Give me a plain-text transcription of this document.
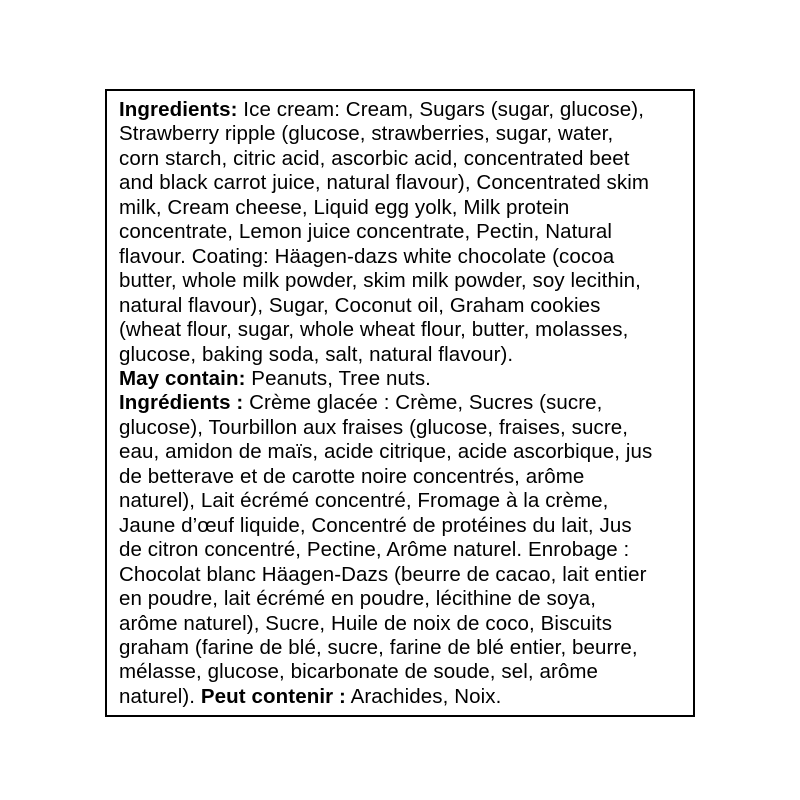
Ingredients: Ice cream: Cream, Sugars (sugar, glucose),
Strawberry ripple (glucose, strawberries, sugar, water,
corn starch, citric acid, ascorbic acid, concentrated beet
and black carrot juice, natural flavour), Concentrated skim
milk, Cream cheese, Liquid egg yolk, Milk protein
concentrate, Lemon juice concentrate, Pectin, Natural
flavour. Coating: Häagen-dazs white chocolate (cocoa
butter, whole milk powder, skim milk powder, soy lecithin,
natural flavour), Sugar, Coconut oil, Graham cookies
(wheat flour, sugar, whole wheat flour, butter, molasses,
glucose, baking soda, salt, natural flavour).
May contain: Peanuts, Tree nuts.
Ingrédients : Crème glacée : Crème, Sucres (sucre,
glucose), Tourbillon aux fraises (glucose, fraises, sucre,
eau, amidon de maïs, acide citrique, acide ascorbique, jus
de betterave et de carotte noire concentrés, arôme
naturel), Lait écrémé concentré, Fromage à la crème,
Jaune d’œuf liquide, Concentré de protéines du lait, Jus
de citron concentré, Pectine, Arôme naturel. Enrobage :
Chocolat blanc Häagen-Dazs (beurre de cacao, lait entier
en poudre, lait écrémé en poudre, lécithine de soya,
arôme naturel), Sucre, Huile de noix de coco, Biscuits
graham (farine de blé, sucre, farine de blé entier, beurre,
mélasse, glucose, bicarbonate de soude, sel, arôme
naturel). Peut contenir : Arachides, Noix.
